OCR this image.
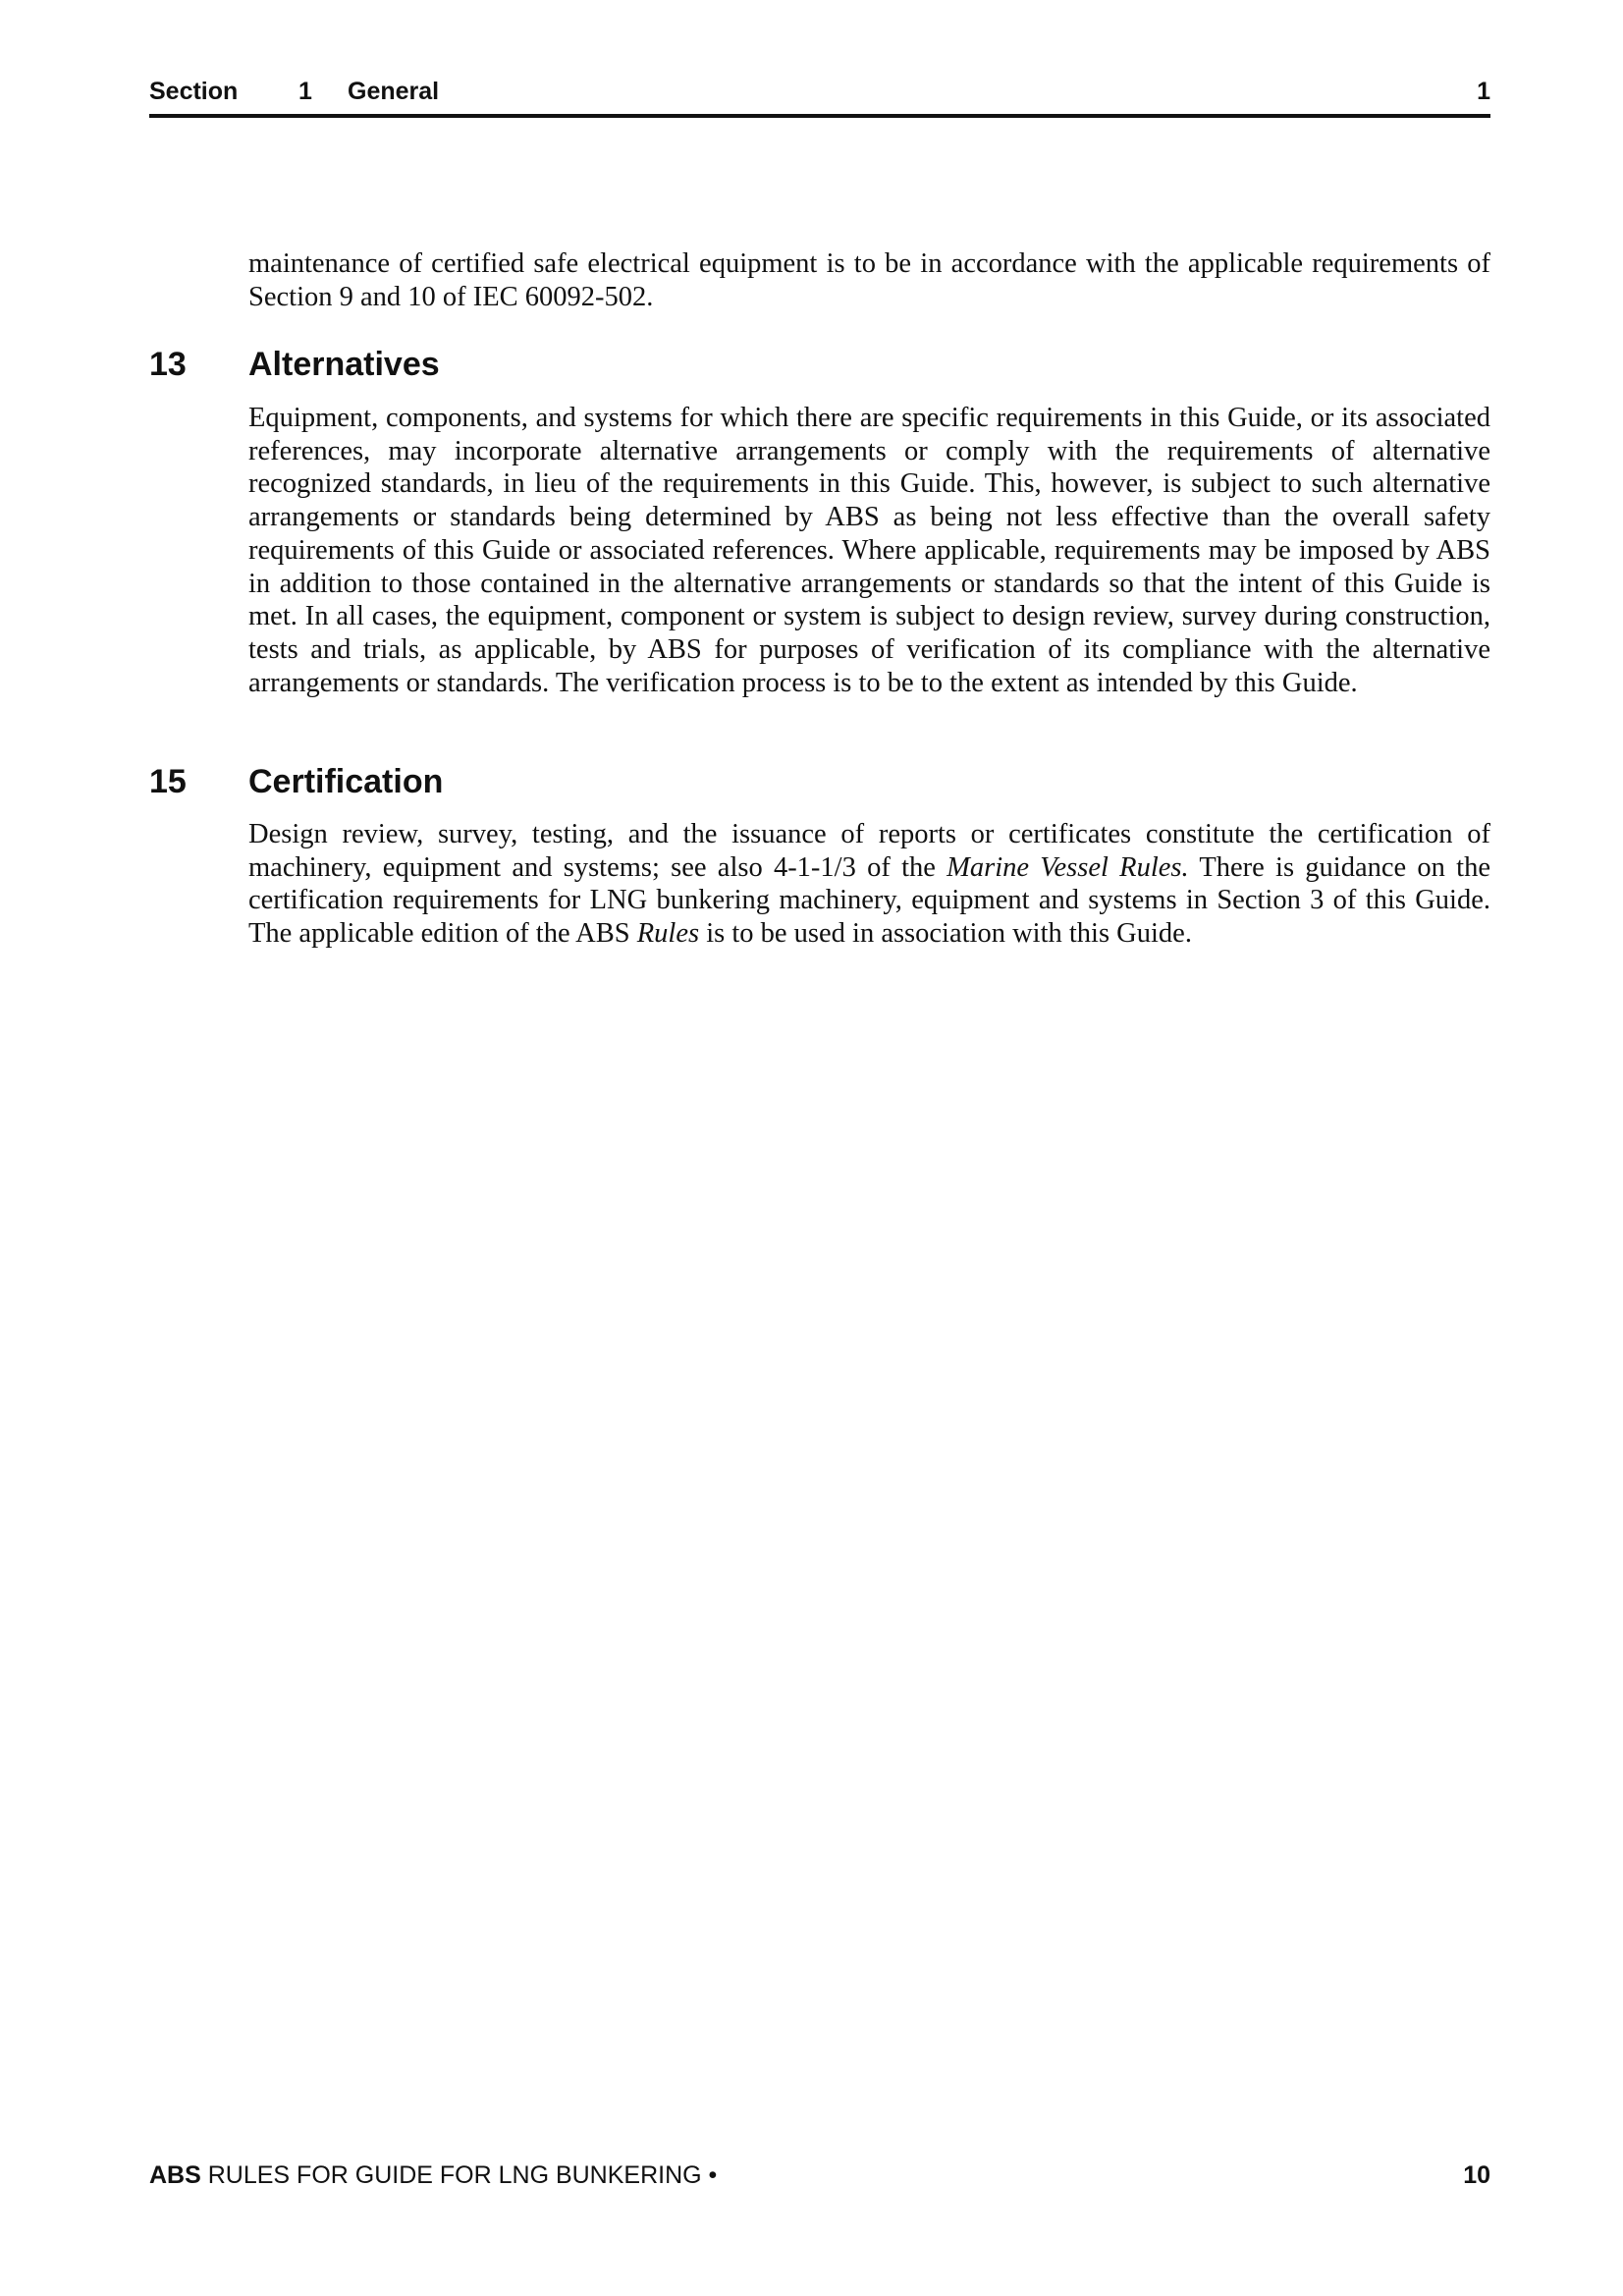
Section 1 General	1

maintenance of certified safe electrical equipment is to be in accordance with the applicable requirements of Section 9 and 10 of IEC 60092-502.

13 Alternatives

Equipment, components, and systems for which there are specific requirements in this Guide, or its associated references, may incorporate alternative arrangements or comply with the requirements of alternative recognized standards, in lieu of the requirements in this Guide. This, however, is subject to such alternative arrangements or standards being determined by ABS as being not less effective than the overall safety requirements of this Guide or associated references. Where applicable, requirements may be imposed by ABS in addition to those contained in the alternative arrangements or standards so that the intent of this Guide is met. In all cases, the equipment, component or system is subject to design review, survey during construction, tests and trials, as applicable, by ABS for purposes of verification of its compliance with the alternative arrangements or standards. The verification process is to be to the extent as intended by this Guide.

15 Certification

Design review, survey, testing, and the issuance of reports or certificates constitute the certification of machinery, equipment and systems; see also 4-1-1/3 of the Marine Vessel Rules. There is guidance on the certification requirements for LNG bunkering machinery, equipment and systems in Section 3 of this Guide. The applicable edition of the ABS Rules is to be used in association with this Guide.

ABS RULES FOR GUIDE FOR LNG BUNKERING •	10
